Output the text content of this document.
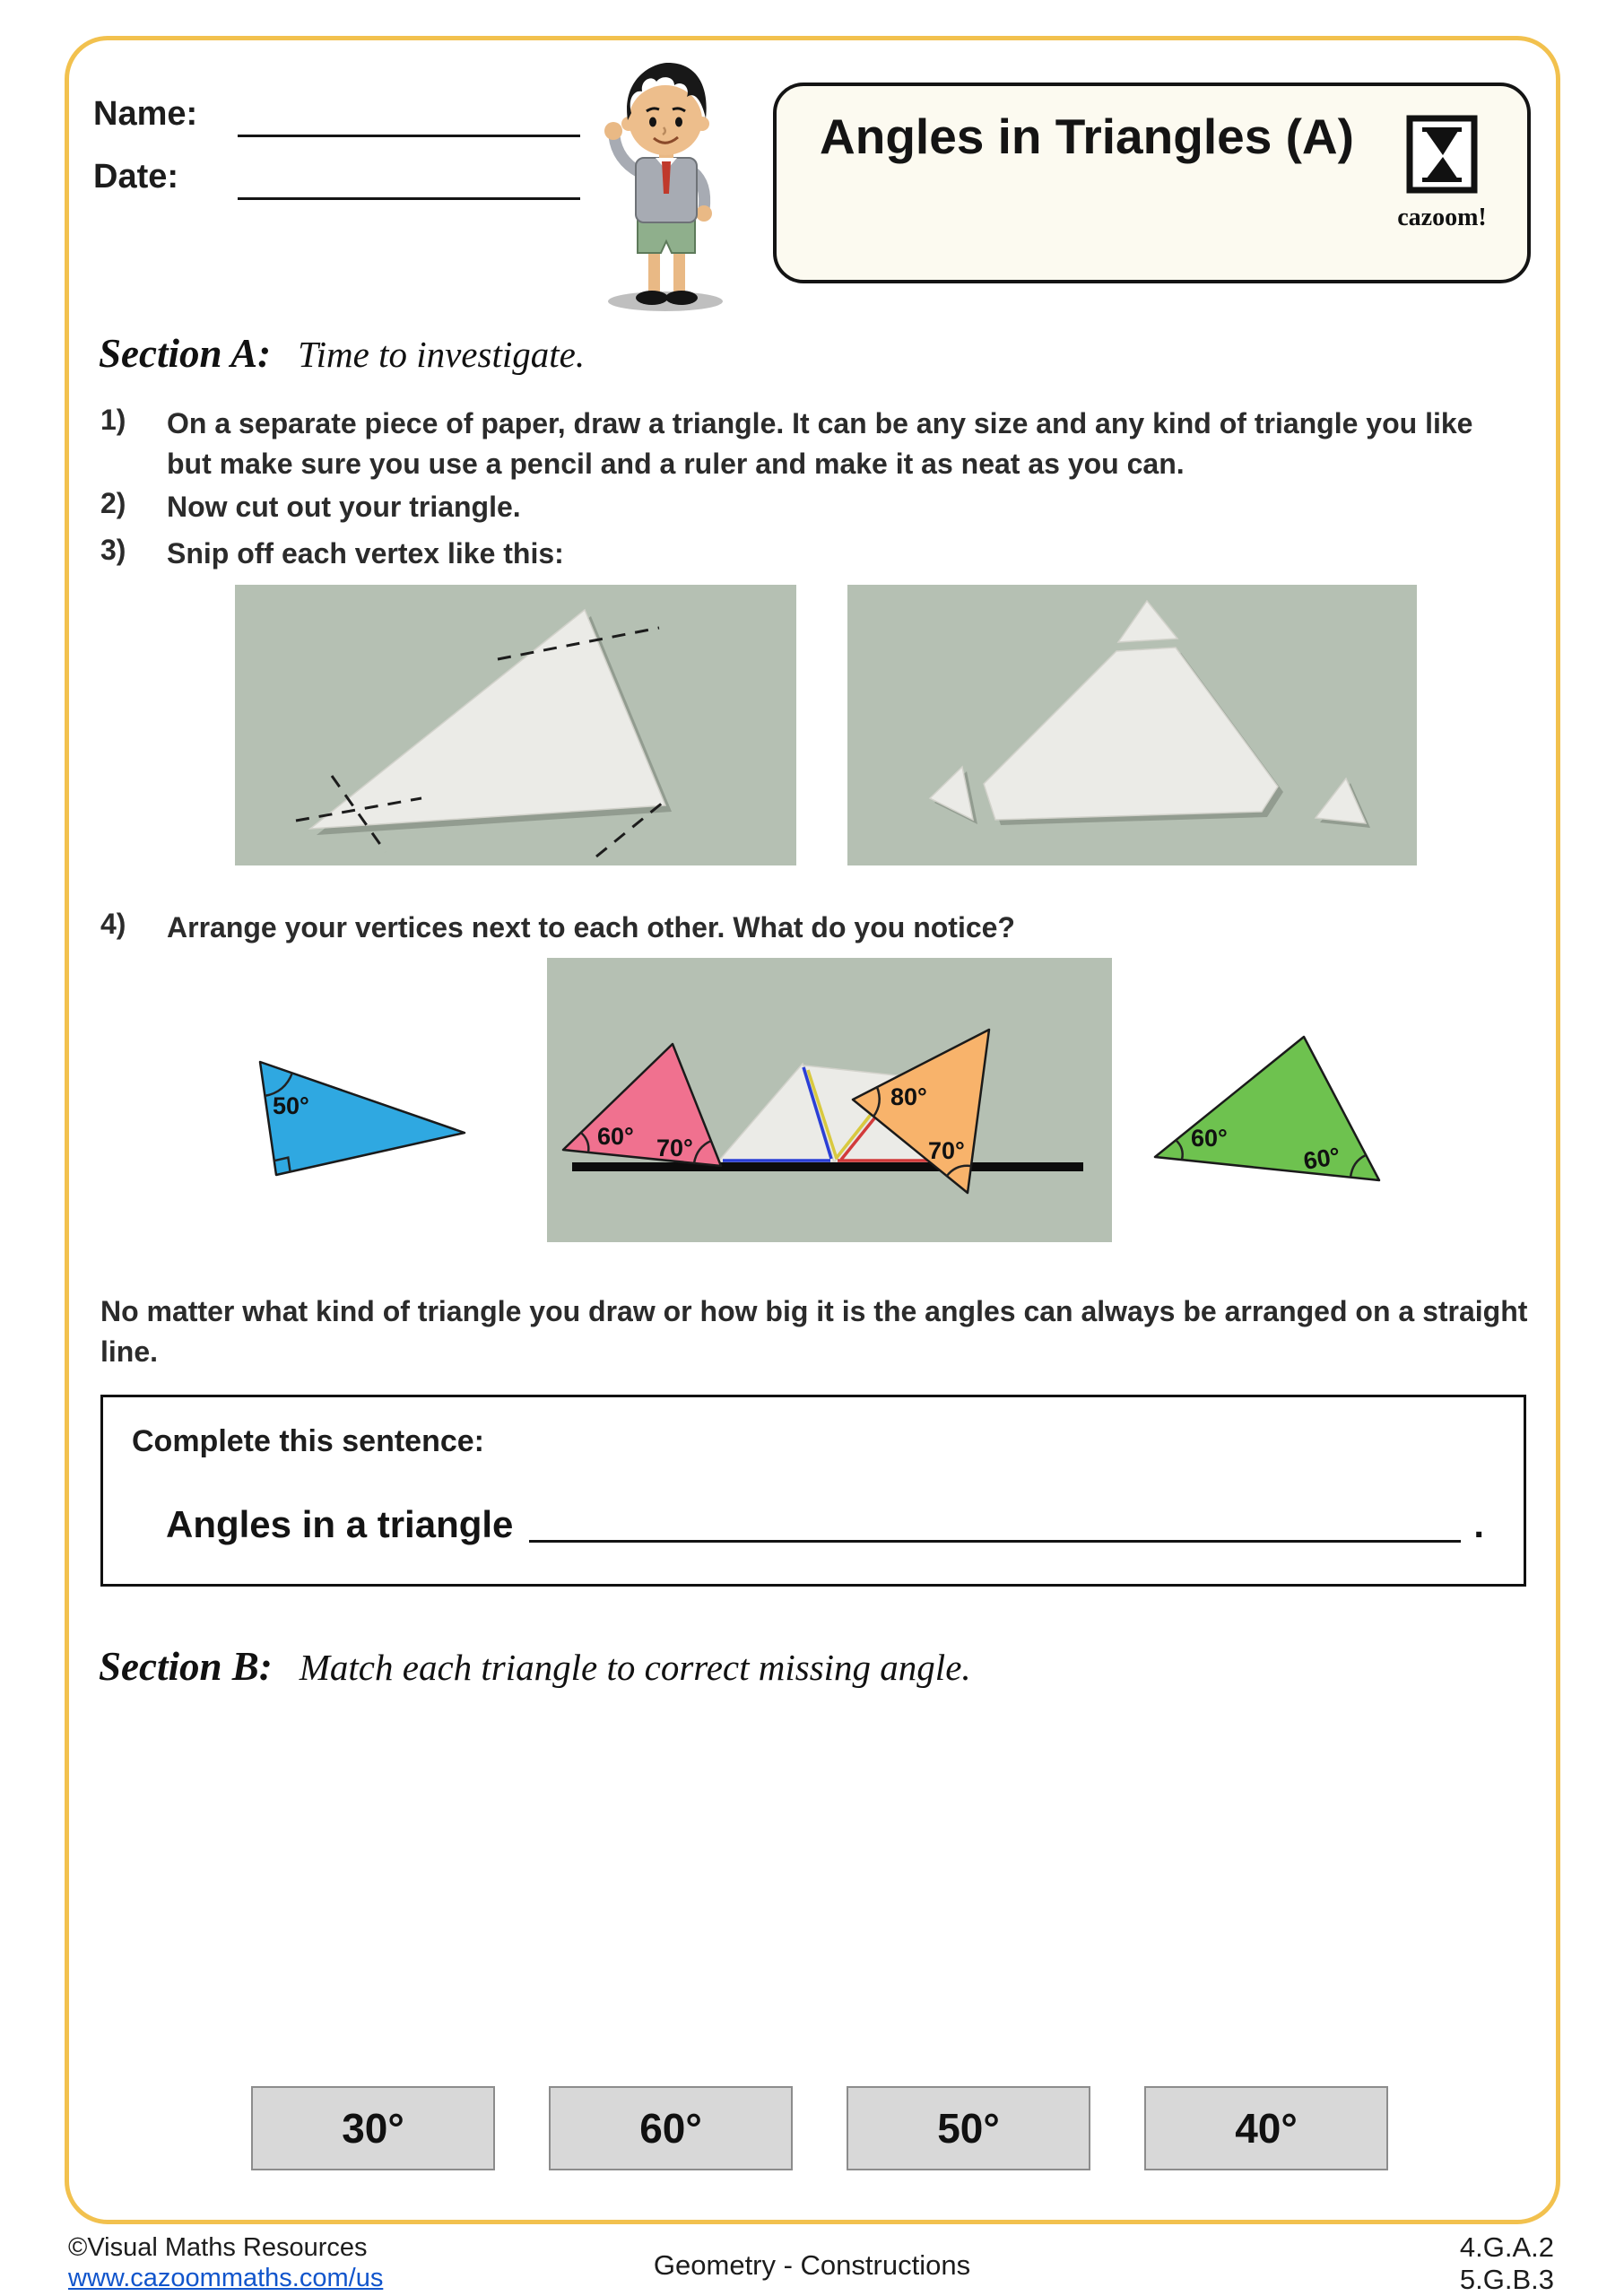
Name:
Date:
Angles in Triangles (A)
cazoom!
Section A: Time to investigate.
1)	On a separate piece of paper, draw a triangle. It can be any size and any kind of triangle you like but make sure you use a pencil and a ruler and make it as neat as you can.
2)	Now cut out your triangle.
3)	Snip off each vertex like this:
4)	Arrange your vertices next to each other. What do you notice?
No matter what kind of triangle you draw or how big it is the angles can always be arranged on a straight line.
Complete this sentence:
Angles in a triangle	.
Section B: Match each triangle to correct missing angle.
50°
60° 70°
80°
70°	60°
60°
30°	60°	50°	40°
©Visual Maths Resources
www.cazoommaths.com/us	Geometry - Constructions
4.G.A.2
5.G.B.3
